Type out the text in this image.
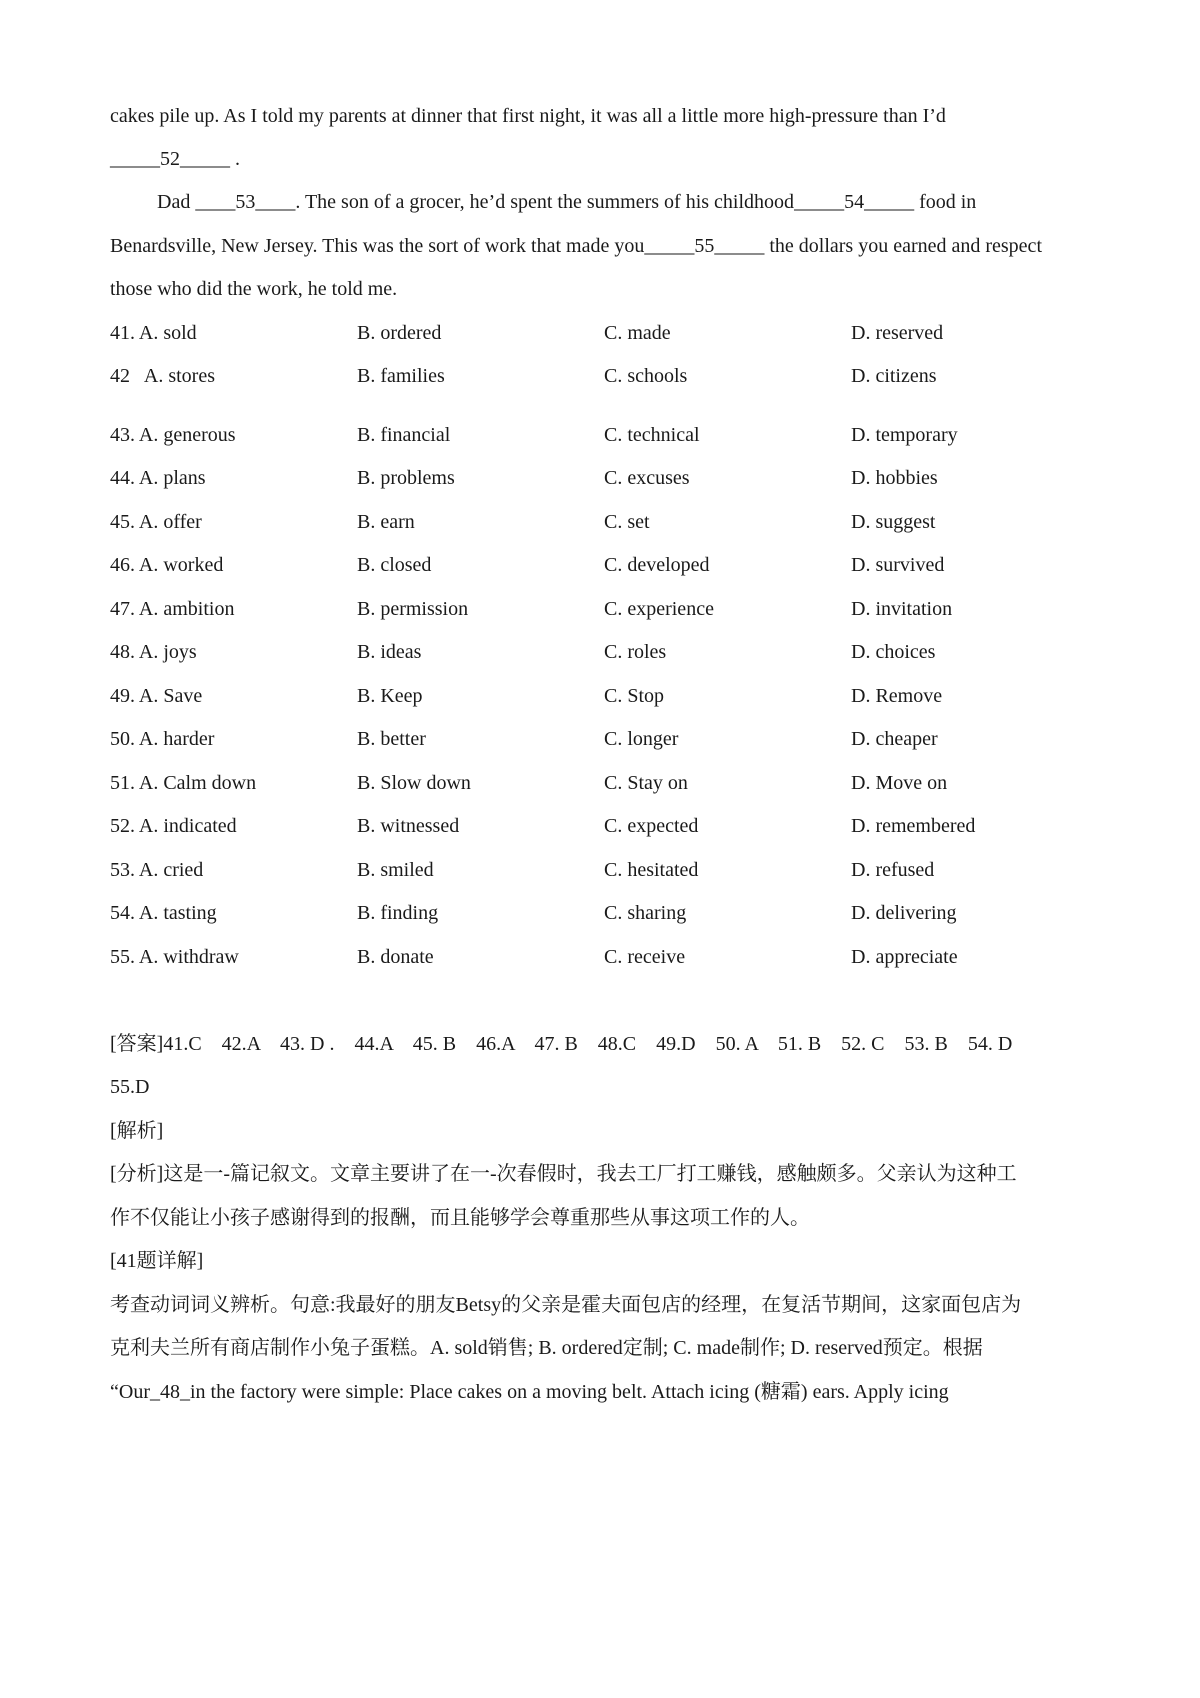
cakes pile up. As I told my parents at dinner that first night, it was all a little more high-pressure than I’d
_____52_____ .
Dad ____53____. The son of a grocer, he’d spent the summers of his childhood_____54_____ food in
Benardsville, New Jersey. This was the sort of work that made you_____55_____ the dollars you earned and respect
those who did the work, he told me.
41. A. sold	B. ordered	C. made	D. reserved
42   A. stores	B. families	C. schools	D. citizens
43. A. generous	B. financial	C. technical	D. temporary
44. A. plans	B. problems	C. excuses	D. hobbies
45. A. offer	B. earn	C. set	D. suggest
46. A. worked	B. closed	C. developed	D. survived
47. A. ambition	B. permission	C. experience	D. invitation
48. A. joys	B. ideas	C. roles	D. choices
49. A. Save	B. Keep	C. Stop	D. Remove
50. A. harder	B. better	C. longer	D. cheaper
51. A. Calm down	B. Slow down	C. Stay on	D. Move on
52. A. indicated	B. witnessed	C. expected	D. remembered
53. A. cried	B. smiled	C. hesitated	D. refused
54. A. tasting	B. finding	C. sharing	D. delivering
55. A. withdraw	B. donate	C. receive	D. appreciate
[答案]41.C    42.A    43. D .    44.A    45. B    46.A    47. B    48.C    49.D    50. A    51. B    52. C    53. B    54. D
55.D
[解析]
[分析]这是一-篇记叙文。文章主要讲了在一-次春假时，我去工厂打工赚钱，感触颇多。父亲认为这种工
作不仅能让小孩子感谢得到的报酬，而且能够学会尊重那些从事这项工作的人。
[41题详解]
考查动词词义辨析。句意:我最好的朋友Betsy的父亲是霍夫面包店的经理，在复活节期间，这家面包店为
克利夫兰所有商店制作小兔子蛋糕。A. sold销售; B. ordered定制; C. made制作; D. reserved预定。根据
“Our_48_in the factory were simple: Place cakes on a moving belt. Attach icing (糖霜) ears. Apply icing
